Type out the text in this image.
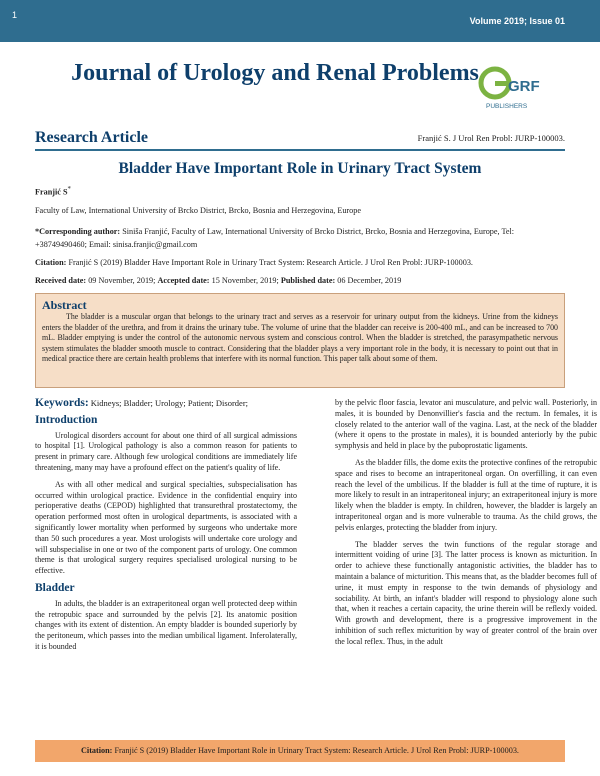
1
Volume 2019; Issue 01
Journal of Urology and Renal Problems
GRF
PUBLISHERS
Research Article	Franjić S. J Urol Ren Probl: JURP-100003.
Bladder Have Important Role in Urinary Tract System
Franjić S*
Faculty of Law, International University of Brcko District, Brcko, Bosnia and Herzegovina, Europe
*Corresponding author: Siniša Franjić, Faculty of Law, International University of Brcko District, Brcko, Bosnia and Herzegovina, Europe, Tel: +38749490460; Email: sinisa.franjic@gmail.com
Citation: Franjić S (2019) Bladder Have Important Role in Urinary Tract System: Research Article. J Urol Ren Probl: JURP-100003.
Received date: 09 November, 2019; Accepted date: 15 November, 2019; Published date: 06 December, 2019
Abstract
The bladder is a muscular organ that belongs to the urinary tract and serves as a reservoir for urinary output from the kidneys. Urine from the kidneys enters the bladder of the urethra, and from it drains the urinary tube. The volume of urine that the bladder can receive is 200-400 mL, and can be increased to 700 mL. Bladder emptying is under the control of the autonomic nervous system and conscious control. When the bladder is stretched, the parasympathetic nervous system stimulates the bladder smooth muscle to contract. Considering that the bladder plays a very important role in the body, it is necessary to point out that in medical practice there are certain health problems that interfere with its normal function. This paper talk about some of them.
Keywords: Kidneys; Bladder; Urology; Patient; Disorder;
Introduction

Urological disorders account for about one third of all surgical admissions to hospital [1]. Urological pathology is also a common reason for patients to present in primary care. Although few urological conditions are immediately life threatening, many may have a profound effect on the patient's quality of life.

As with all other medical and surgical specialties, subspecialisation has occurred within urological practice. Evidence in the confidential enquiry into perioperative deaths (CEPOD) highlighted that transurethral prostatectomy, the operation performed most often in urological departments, is associated with a significantly lower mortality when performed by surgeons who undertake more than 50 such procedures a year. Most urologists will undertake core urology and will subspecialise in one or two of the component parts of urology. One common theme is that urological surgery requires specialised urological nursing to be effective.

Bladder

In adults, the bladder is an extraperitoneal organ well protected deep within the retropubic space and surrounded by the pelvis [2]. Its anatomic position changes with its extent of distention. An empty bladder is bounded superiorly by the peritoneum, which passes into the median umbilical ligament. Inferolaterally, it is bounded

by the pelvic floor fascia, levator ani musculature, and pelvic wall. Posteriorly, in males, it is bounded by Denonvillier's fascia and the rectum. In females, it is closely related to the anterior wall of the vagina. Last, at the neck of the bladder (where it opens to the prostate in males), it is bounded anteriorly by the pubic symphysis and held in place by the puboprostatic ligaments.

As the bladder fills, the dome exits the protective confines of the retropubic space and rises to become an intraperitoneal organ. On overfilling, it can even reach the level of the umbilicus. If the bladder is full at the time of rupture, it is more likely to result in an intraperitoneal injury; an extraperitoneal injury is more likely when the bladder is empty. In children, however, the bladder is largely an intraperitoneal organ and is more vulnerable to trauma. As the child grows, the pelvis enlarges, protecting the bladder from injury.

The bladder serves the twin functions of the regular storage and intermittent voiding of urine [3]. The latter process is known as micturition. In order to achieve these functionally antagonistic activities, the bladder has to maintain a balance of micturition. This means that, as the bladder becomes full of urine, it must empty in response to the twin demands of physiology and sociability. At birth, an infant's bladder will respond to physiology alone such that, when it reaches a certain capacity, the urine therein will be reflexly voided. With growth and development, there is a progressive improvement in the inhibition of such reflex micturition by way of greater control of the brain over the local reflex. Thus, in the adult

Citation: Franjić S (2019) Bladder Have Important Role in Urinary Tract System: Research Article. J Urol Ren Probl: JURP-100003.
